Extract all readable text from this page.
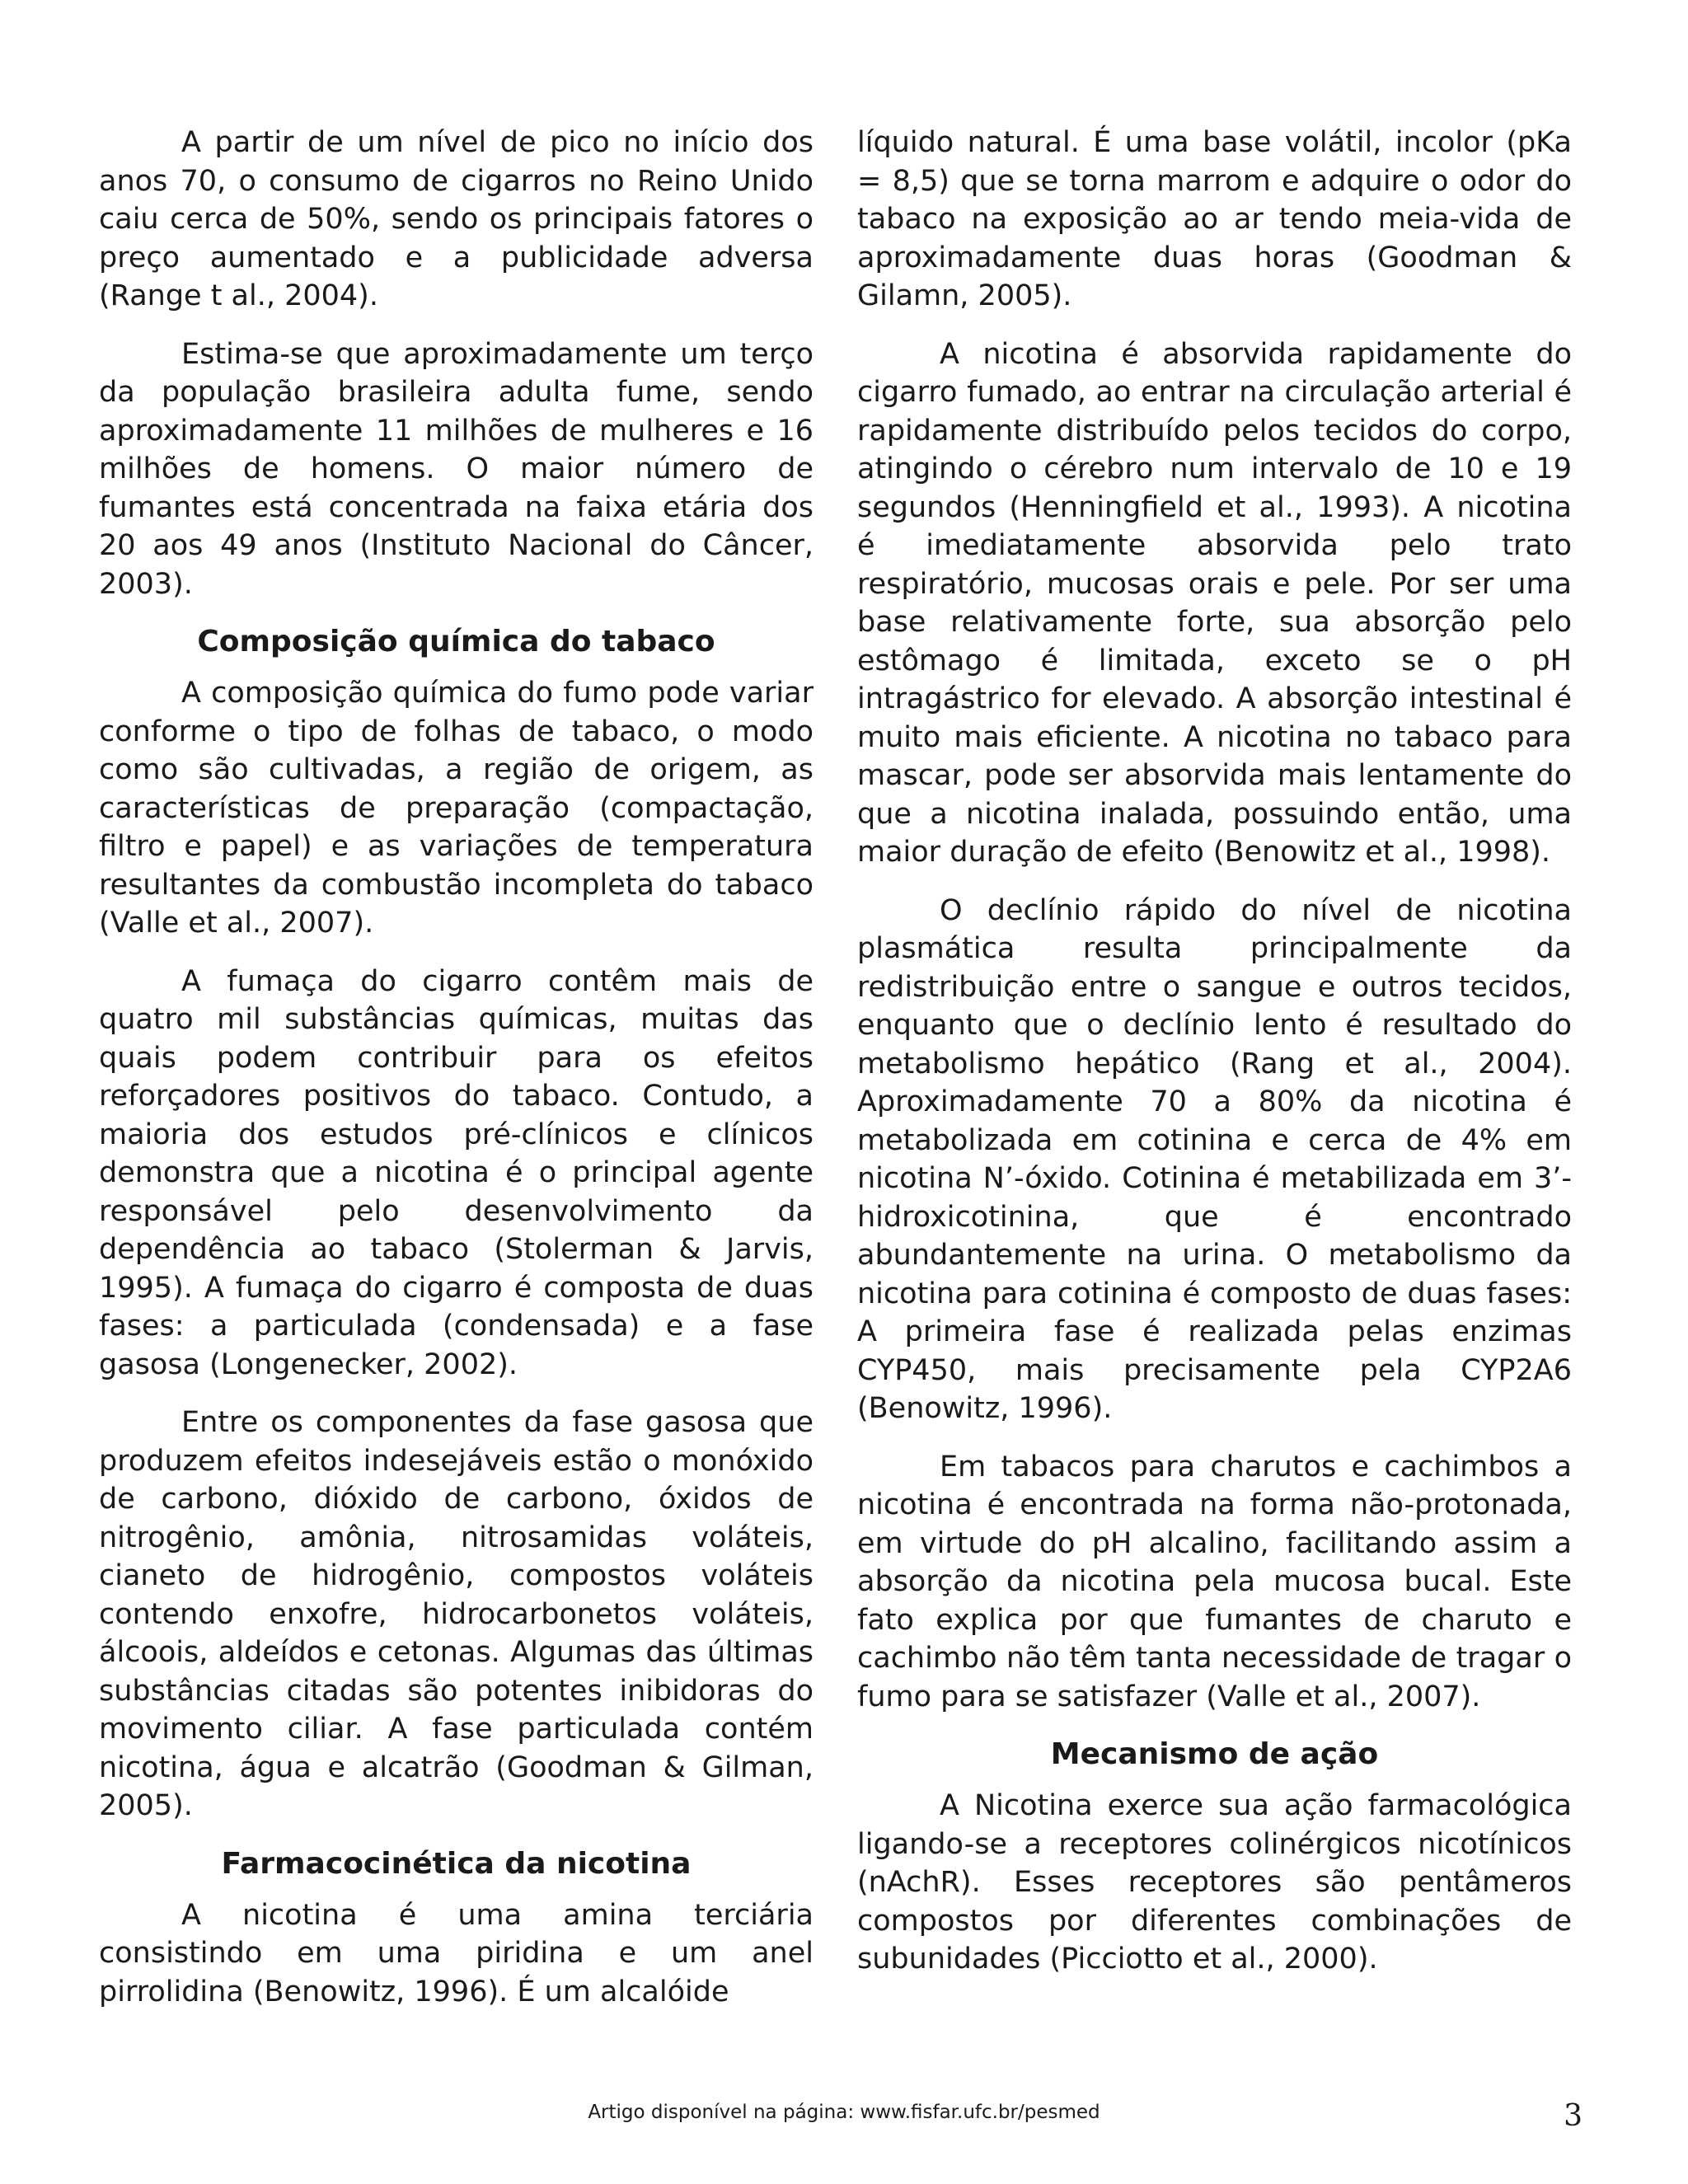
A partir de um nível de pico no início dos anos 70, o consumo de cigarros no Reino Unido caiu cerca de 50%, sendo os principais fatores o preço aumentado e a publicidade adversa (Range t al., 2004).

Estima-se que aproximadamente um terço da população brasileira adulta fume, sendo aproximadamente 11 milhões de mulheres e 16 milhões de homens. O maior número de fumantes está concentrada na faixa etária dos 20 aos 49 anos (Instituto Nacional do Câncer, 2003).

Composição química do tabaco

A composição química do fumo pode variar conforme o tipo de folhas de tabaco, o modo como são cultivadas, a região de origem, as características de preparação (compactação, filtro e papel) e as variações de temperatura resultantes da combustão incompleta do tabaco (Valle et al., 2007).

A fumaça do cigarro contêm mais de quatro mil substâncias químicas, muitas das quais podem contribuir para os efeitos reforçadores positivos do tabaco. Contudo, a maioria dos estudos pré-clínicos e clínicos demonstra que a nicotina é o principal agente responsável pelo desenvolvimento da dependência ao tabaco (Stolerman & Jarvis, 1995). A fumaça do cigarro é composta de duas fases: a particulada (condensada) e a fase gasosa (Longenecker, 2002).

Entre os componentes da fase gasosa que produzem efeitos indesejáveis estão o monóxido de carbono, dióxido de carbono, óxidos de nitrogênio, amônia, nitrosamidas voláteis, cianeto de hidrogênio, compostos voláteis contendo enxofre, hidrocarbonetos voláteis, álcoois, aldeídos e cetonas. Algumas das últimas substâncias citadas são potentes inibidoras do movimento ciliar. A fase particulada contém nicotina, água e alcatrão (Goodman & Gilman, 2005).

Farmacocinética da nicotina

A nicotina é uma amina terciária consistindo em uma piridina e um anel pirrolidina (Benowitz, 1996). É um alcalóide

líquido natural. É uma base volátil, incolor (pKa = 8,5) que se torna marrom e adquire o odor do tabaco na exposição ao ar tendo meia-vida de aproximadamente duas horas (Goodman & Gilamn, 2005).

A nicotina é absorvida rapidamente do cigarro fumado, ao entrar na circulação arterial é rapidamente distribuído pelos tecidos do corpo, atingindo o cérebro num intervalo de 10 e 19 segundos (Henningfield et al., 1993). A nicotina é imediatamente absorvida pelo trato respiratório, mucosas orais e pele. Por ser uma base relativamente forte, sua absorção pelo estômago é limitada, exceto se o pH intragástrico for elevado. A absorção intestinal é muito mais eficiente. A nicotina no tabaco para mascar, pode ser absorvida mais lentamente do que a nicotina inalada, possuindo então, uma maior duração de efeito (Benowitz et al., 1998).

O declínio rápido do nível de nicotina plasmática resulta principalmente da redistribuição entre o sangue e outros tecidos, enquanto que o declínio lento é resultado do metabolismo hepático (Rang et al., 2004). Aproximadamente 70 a 80% da nicotina é metabolizada em cotinina e cerca de 4% em nicotina N’-óxido. Cotinina é metabilizada em 3’-hidroxicotinina, que é encontrado abundantemente na urina. O metabolismo da nicotina para cotinina é composto de duas fases: A primeira fase é realizada pelas enzimas CYP450, mais precisamente pela CYP2A6 (Benowitz, 1996).

Em tabacos para charutos e cachimbos a nicotina é encontrada na forma não-protonada, em virtude do pH alcalino, facilitando assim a absorção da nicotina pela mucosa bucal. Este fato explica por que fumantes de charuto e cachimbo não têm tanta necessidade de tragar o fumo para se satisfazer (Valle et al., 2007).

Mecanismo de ação

A Nicotina exerce sua ação farmacológica ligando-se a receptores colinérgicos nicotínicos (nAchR). Esses receptores são pentâmeros compostos por diferentes combinações de subunidades (Picciotto et al., 2000).

Artigo disponível na página: www.fisfar.ufc.br/pesmed	3
